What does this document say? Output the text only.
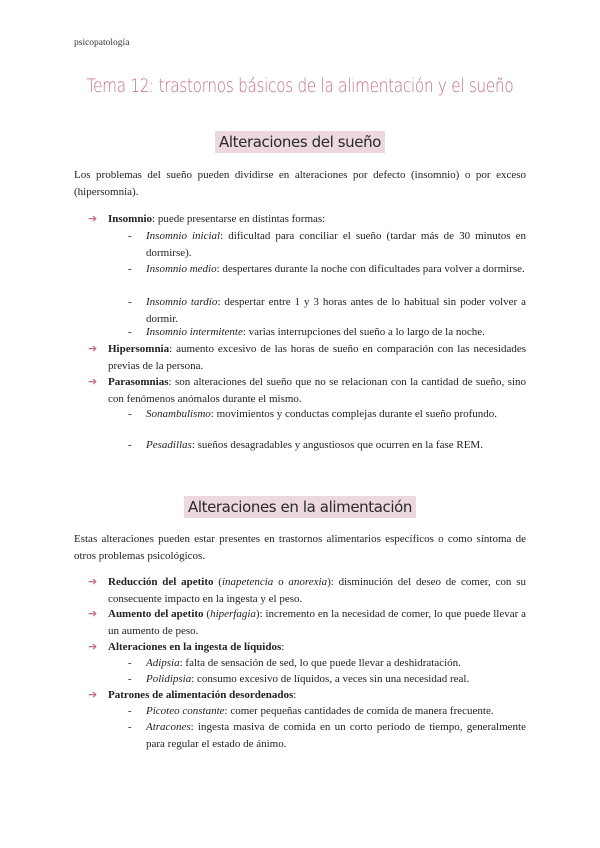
psicopatología
Tema 12: trastornos básicos de la alimentación y el sueño
Alteraciones del sueño
Los problemas del sueño pueden dividirse en alteraciones por defecto (insomnio) o por exceso (hipersomnia).
➔ Insomnio: puede presentarse en distintas formas:
- Insomnio inicial: dificultad para conciliar el sueño (tardar más de 30 minutos en dormirse).
- Insomnio medio: despertares durante la noche con dificultades para volver a dormirse.
- Insomnio tardío: despertar entre 1 y 3 horas antes de lo habitual sin poder volver a dormir.
- Insomnio intermitente: varias interrupciones del sueño a lo largo de la noche.
➔ Hipersomnia: aumento excesivo de las horas de sueño en comparación con las necesidades previas de la persona.
➔ Parasomnias: son alteraciones del sueño que no se relacionan con la cantidad de sueño, sino con fenómenos anómalos durante el mismo.
- Sonambulismo: movimientos y conductas complejas durante el sueño profundo.
- Pesadillas: sueños desagradables y angustiosos que ocurren en la fase REM.
Alteraciones en la alimentación
Estas alteraciones pueden estar presentes en trastornos alimentarios específicos o como síntoma de otros problemas psicológicos.
➔ Reducción del apetito (inapetencia o anorexia): disminución del deseo de comer, con su consecuente impacto en la ingesta y el peso.
➔ Aumento del apetito (hiperfagia): incremento en la necesidad de comer, lo que puede llevar a un aumento de peso.
➔ Alteraciones en la ingesta de líquidos:
- Adipsia: falta de sensación de sed, lo que puede llevar a deshidratación.
- Polidipsia: consumo excesivo de líquidos, a veces sin una necesidad real.
➔ Patrones de alimentación desordenados:
- Picoteo constante: comer pequeñas cantidades de comida de manera frecuente.
- Atracones: ingesta masiva de comida en un corto periodo de tiempo, generalmente para regular el estado de ánimo.
